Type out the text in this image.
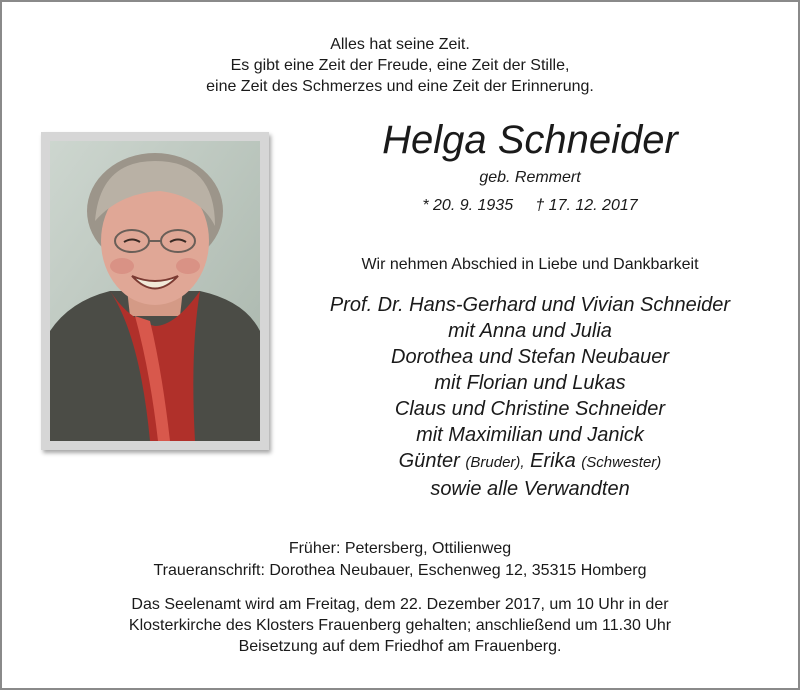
Alles hat seine Zeit.
Es gibt eine Zeit der Freude, eine Zeit der Stille,
eine Zeit des Schmerzes und eine Zeit der Erinnerung.
Helga Schneider
geb. Remmert
* 20. 9. 1935     † 17. 12. 2017
Wir nehmen Abschied in Liebe und Dankbarkeit
Prof. Dr. Hans-Gerhard und Vivian Schneider
mit Anna und Julia
Dorothea und Stefan Neubauer
mit Florian und Lukas
Claus und Christine Schneider
mit Maximilian und Janick
Günter (Bruder), Erika (Schwester)
sowie alle Verwandten
Früher: Petersberg, Ottilienweg
Traueranschrift: Dorothea Neubauer, Eschenweg 12, 35315 Homberg
Das Seelenamt wird am Freitag, dem 22. Dezember 2017, um 10 Uhr in der
Klosterkirche des Klosters Frauenberg gehalten; anschließend um 11.30 Uhr
Beisetzung auf dem Friedhof am Frauenberg.
